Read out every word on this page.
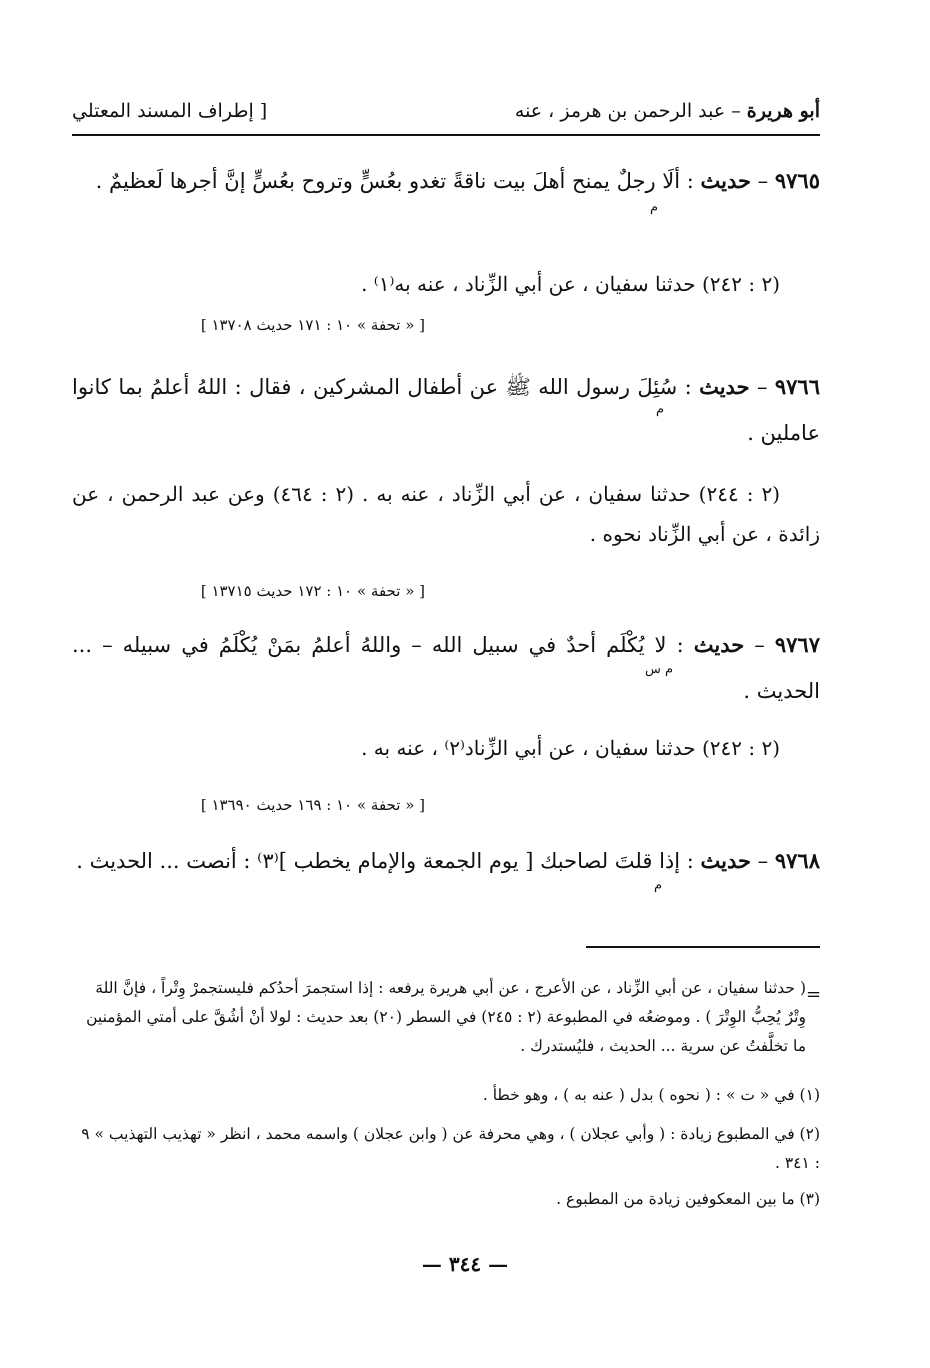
أبو هريرة – عبد الرحمن بن هرمز ، عنه
[ إطراف المسند المعتلي
٩٧٦٥ – حديث : ألَا رجلٌ يمنح أهلَ بيت ناقةً تغدو بعُسٍّ وتروح بعُسٍّ إنَّ أجرها لَعظيمٌ .
م
(٢ : ٢٤٢) حدثنا سفيان ، عن أبي الزِّناد ، عنه به⁽١⁾ .
[ « تحفة » ١٠ : ١٧١ حديث ١٣٧٠٨ ]
٩٧٦٦ – حديث : سُئِلَ رسول الله ﷺ عن أطفال المشركين ، فقال : اللهُ أعلمُ بما كانوا عاملين .
م
(٢ : ٢٤٤) حدثنا سفيان ، عن أبي الزِّناد ، عنه به . (٢ : ٤٦٤) وعن عبد الرحمن ، عن زائدة ، عن أبي الزِّناد نحوه .
[ « تحفة » ١٠ : ١٧٢ حديث ١٣٧١٥ ]
٩٧٦٧ – حديث : لا يُكْلَم أحدٌ في سبيل الله – واللهُ أعلمُ بمَنْ يُكْلَمُ في سبيله – ... الحديث .
م س
(٢ : ٢٤٢) حدثنا سفيان ، عن أبي الزِّناد⁽٢⁾ ، عنه به .
[ « تحفة » ١٠ : ١٦٩ حديث ١٣٦٩٠ ]
٩٧٦٨ – حديث : إذا قلتَ لصاحبك [ يوم الجمعة والإمام يخطب ]⁽٣⁾ : أنصت ... الحديث .
م
=
( حدثنا سفيان ، عن أبي الزِّناد ، عن الأعرج ، عن أبي هريرة يرفعه : إذا استجمرَ أحدُكم فليستجمرْ وِتْراً ، فإنَّ اللهَ وِتْرٌ يُحِبُّ الوِتْرَ ) . وموضعُه في المطبوعة (٢ : ٢٤٥) في السطر (٢٠) بعد حديث : لولا أنْ أشُقَّ على أمتي المؤمنين ما تخلَّفتُ عن سرية ... الحديث ، فليُستدرك .
(١) في « ت » : ( نحوه ) بدل ( عنه به ) ، وهو خطأ .
(٢) في المطبوع زيادة : ( وأبي عجلان ) ، وهي محرفة عن ( وابن عجلان ) واسمه محمد ، انظر « تهذيب التهذيب » ٩ : ٣٤١ .
(٣) ما بين المعكوفين زيادة من المطبوع .
— ٣٤٤ —
